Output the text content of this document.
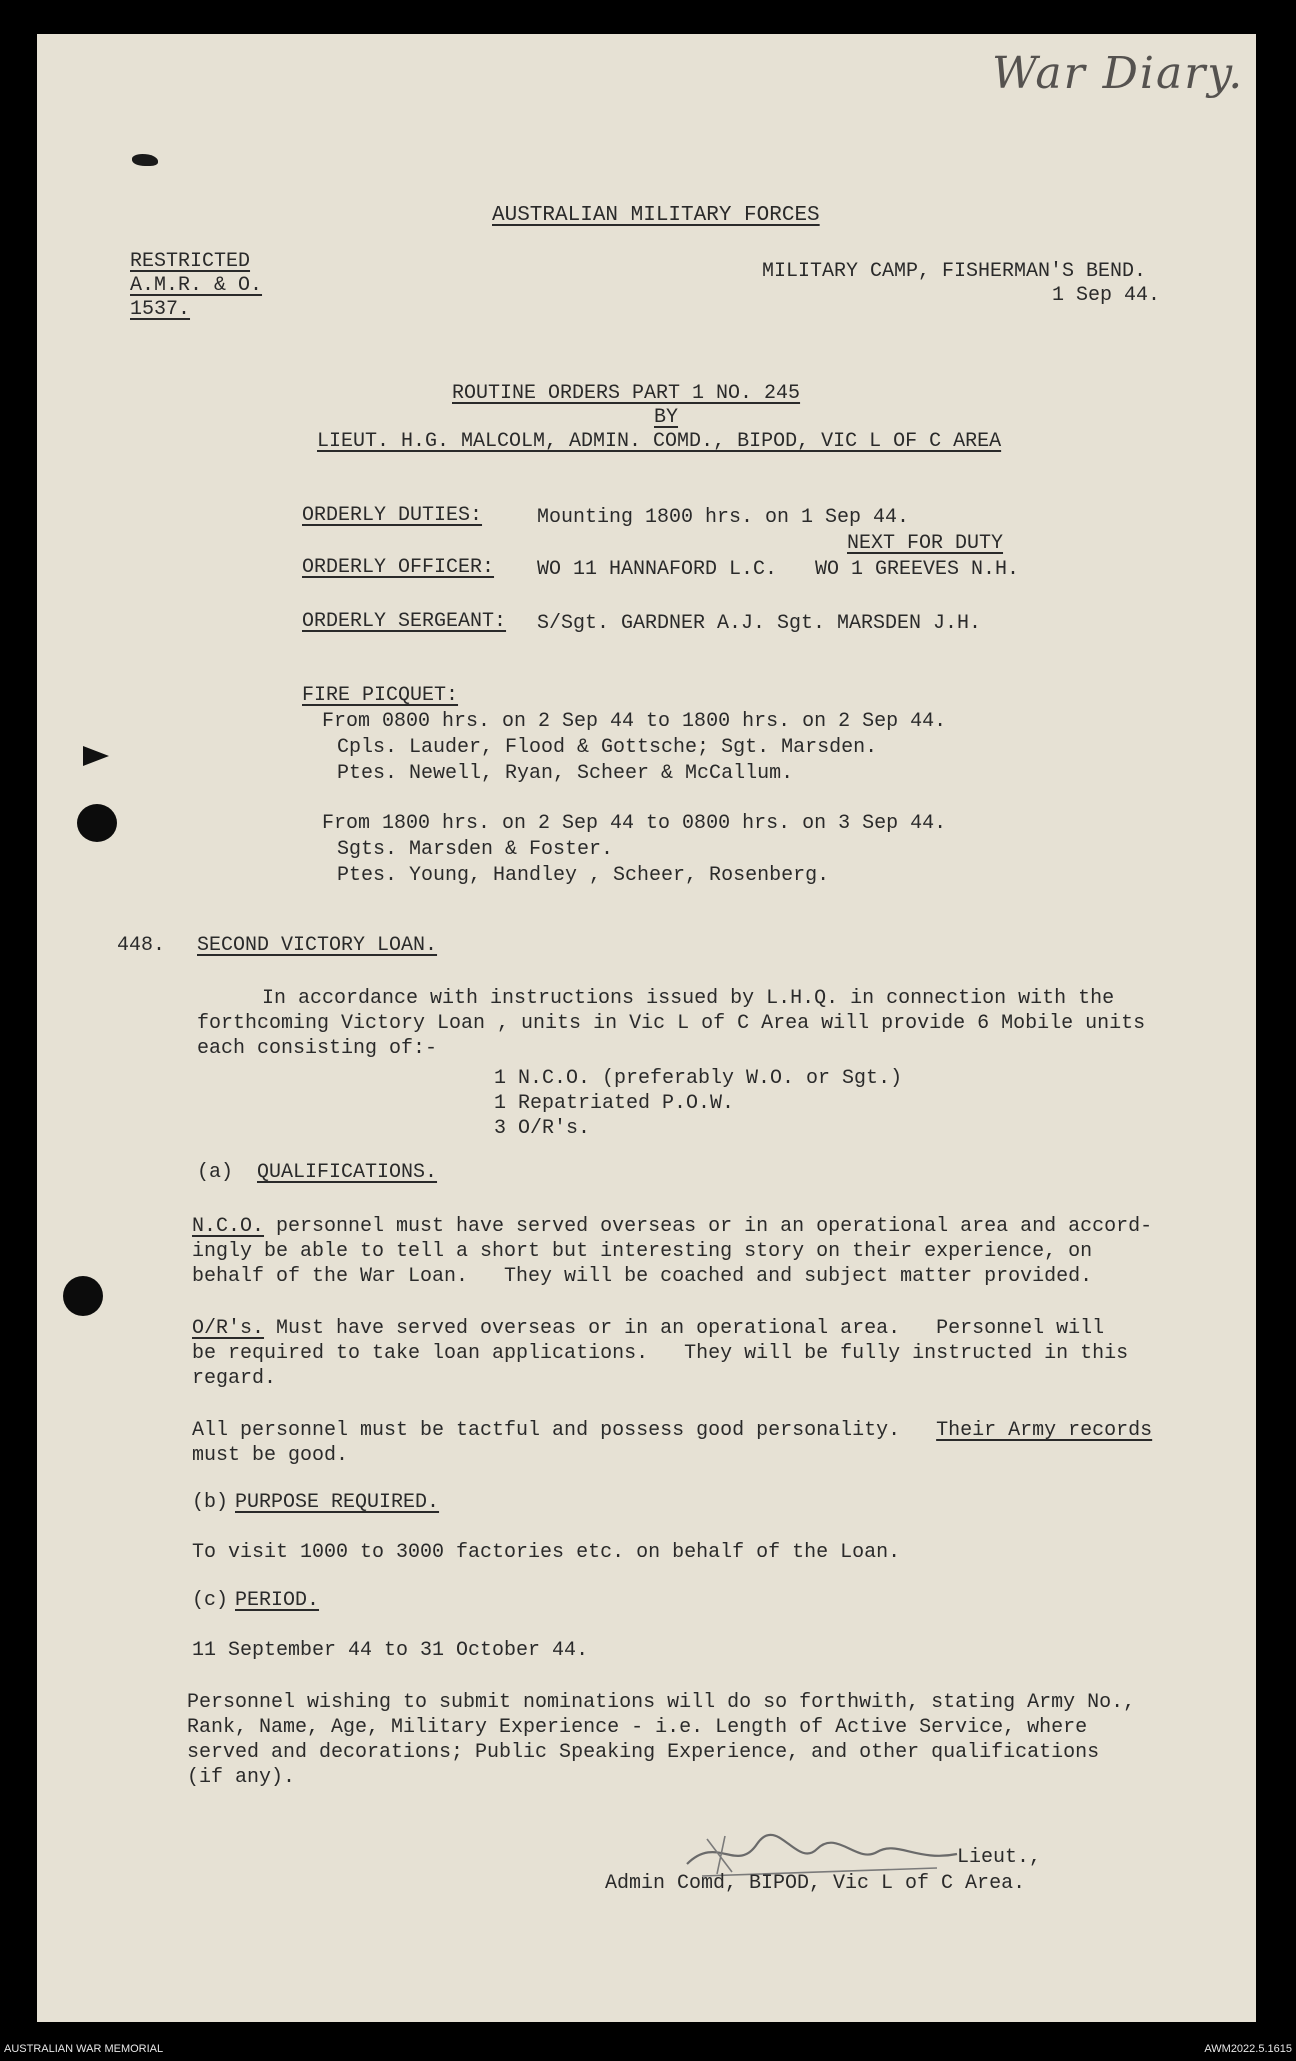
War Diary.
AUSTRALIAN MILITARY FORCES
RESTRICTED
A.M.R. & O.
1537.
MILITARY CAMP, FISHERMAN'S BEND.
1 Sep 44.
ROUTINE ORDERS PART 1 NO. 245
BY
LIEUT. H.G. MALCOLM, ADMIN. COMD., BIPOD, VIC L OF C AREA
ORDERLY DUTIES:	Mounting 1800 hrs. on 1 Sep 44.
NEXT FOR DUTY
ORDERLY OFFICER: WO 11 HANNAFORD L.C. WO 1 GREEVES N.H.
ORDERLY SERGEANT: S/Sgt. GARDNER A.J. Sgt. MARSDEN J.H.
FIRE PICQUET:
From 0800 hrs. on 2 Sep 44 to 1800 hrs. on 2 Sep 44.
Cpls. Lauder, Flood & Gottsche; Sgt. Marsden.
Ptes. Newell, Ryan, Scheer & McCallum.
From 1800 hrs. on 2 Sep 44 to 0800 hrs. on 3 Sep 44.
Sgts. Marsden & Foster.
Ptes. Young, Handley , Scheer, Rosenberg.
448. SECOND VICTORY LOAN.
In accordance with instructions issued by L.H.Q. in connection with the
forthcoming Victory Loan , units in Vic L of C Area will provide 6 Mobile units
each consisting of:-
1 N.C.O. (preferably W.O. or Sgt.)
1 Repatriated P.O.W.
3 O/R's.
(a) QUALIFICATIONS.
N.C.O. personnel must have served overseas or in an operational area and accord-
ingly be able to tell a short but interesting story on their experience, on
behalf of the War Loan.   They will be coached and subject matter provided.
O/R's. Must have served overseas or in an operational area.   Personnel will
be required to take loan applications.   They will be fully instructed in this
regard.
All personnel must be tactful and possess good personality.   Their Army records
must be good.
(b) PURPOSE REQUIRED.
To visit 1000 to 3000 factories etc. on behalf of the Loan.
(c) PERIOD.
11 September 44 to 31 October 44.
Personnel wishing to submit nominations will do so forthwith, stating Army No.,
Rank, Name, Age, Military Experience - i.e. Length of Active Service, where
served and decorations; Public Speaking Experience, and other qualifications
(if any).
Lieut.,
Admin Comd, BIPOD, Vic L of C Area.
AUSTRALIAN WAR MEMORIAL	AWM2022.5.1615
